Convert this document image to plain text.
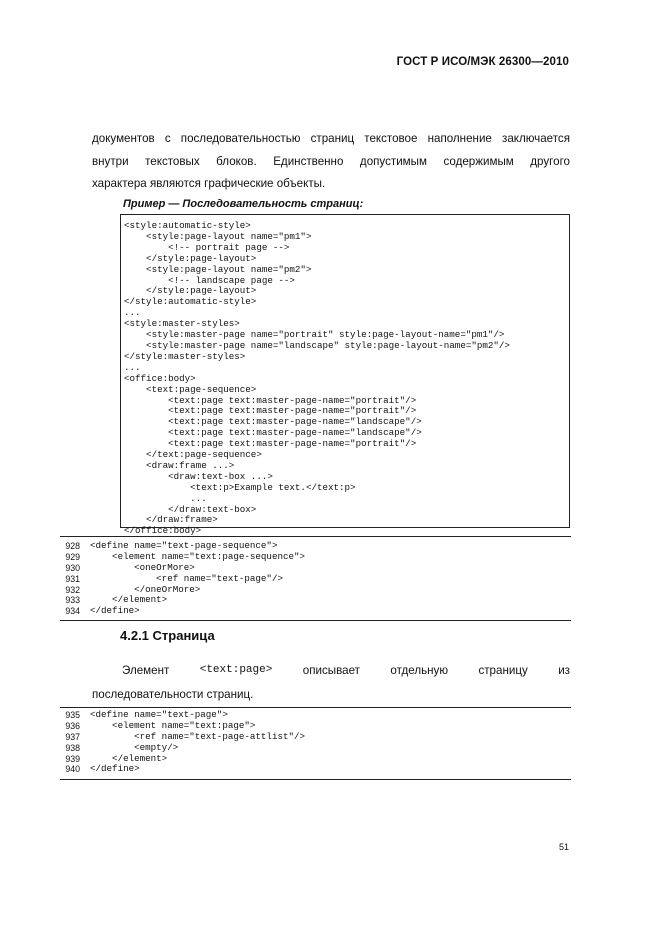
ГОСТ Р ИСО/МЭК 26300—2010
документов с последовательностью страниц текстовое наполнение заключается
внутри текстовых блоков. Единственно допустимым содержимым другого
характера являются графические объекты.
Пример — Последовательность страниц:
<style:automatic-style>
<style:page-layout name="pm1">
<!-- portrait page -->
</style:page-layout>
<style:page-layout name="pm2">
<!-- landscape page -->
</style:page-layout>
</style:automatic-style>
...
<style:master-styles>
<style:master-page name="portrait" style:page-layout-name="pm1"/>
<style:master-page name="landscape" style:page-layout-name="pm2"/>
</style:master-styles>
...
<office:body>
<text:page-sequence>
<text:page text:master-page-name="portrait"/>
<text:page text:master-page-name="portrait"/>
<text:page text:master-page-name="landscape"/>
<text:page text:master-page-name="landscape"/>
<text:page text:master-page-name="portrait"/>
</text:page-sequence>
<draw:frame ...>
<draw:text-box ...>
<text:p>Example text.</text:p>
...
</draw:text-box>
</draw:frame>
</office:body>
928	<define name="text-page-sequence">
929	<element name="text:page-sequence">
930	<oneOrMore>
931	<ref name="text-page"/>
932	</oneOrMore>
933	</element>
934	</define>
4.2.1 Страница
Элемент	<text:page>	описывает	отдельную	страницу	из
последовательности страниц.
935	<define name="text-page">
936	<element name="text:page">
937	<ref name="text-page-attlist"/>
938	<empty/>
939	</element>
940	</define>
51
